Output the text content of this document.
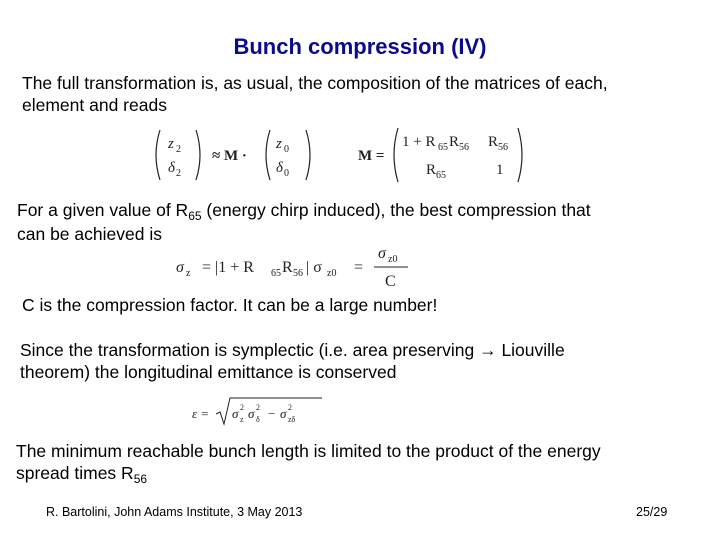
Bunch compression (IV)
The full transformation is, as usual, the composition of the matrices of each,
element and reads
z 2
δ 2
≈ M ·
z 0
δ 0
M =
1 + R 65 R 56 R 56
R 65	1
For a given value of $R_{65}$ (energy chirp induced), the best compression that
can be achieved is
σ z = |1 + R 65 R 56 | σ z0 =
σ z0
C
C is the compression factor. It can be a large number!
Since the transformation is symplectic (i.e. area preserving → Liouville
theorem) the longitudinal emittance is conserved
ε = σ z
2 σ δ
2 − σ zδ
2
The minimum reachable bunch length is limited to the product of the energy
spread times $R_{56}$
R. Bartolini, John Adams Institute, 3 May 2013	25/29
